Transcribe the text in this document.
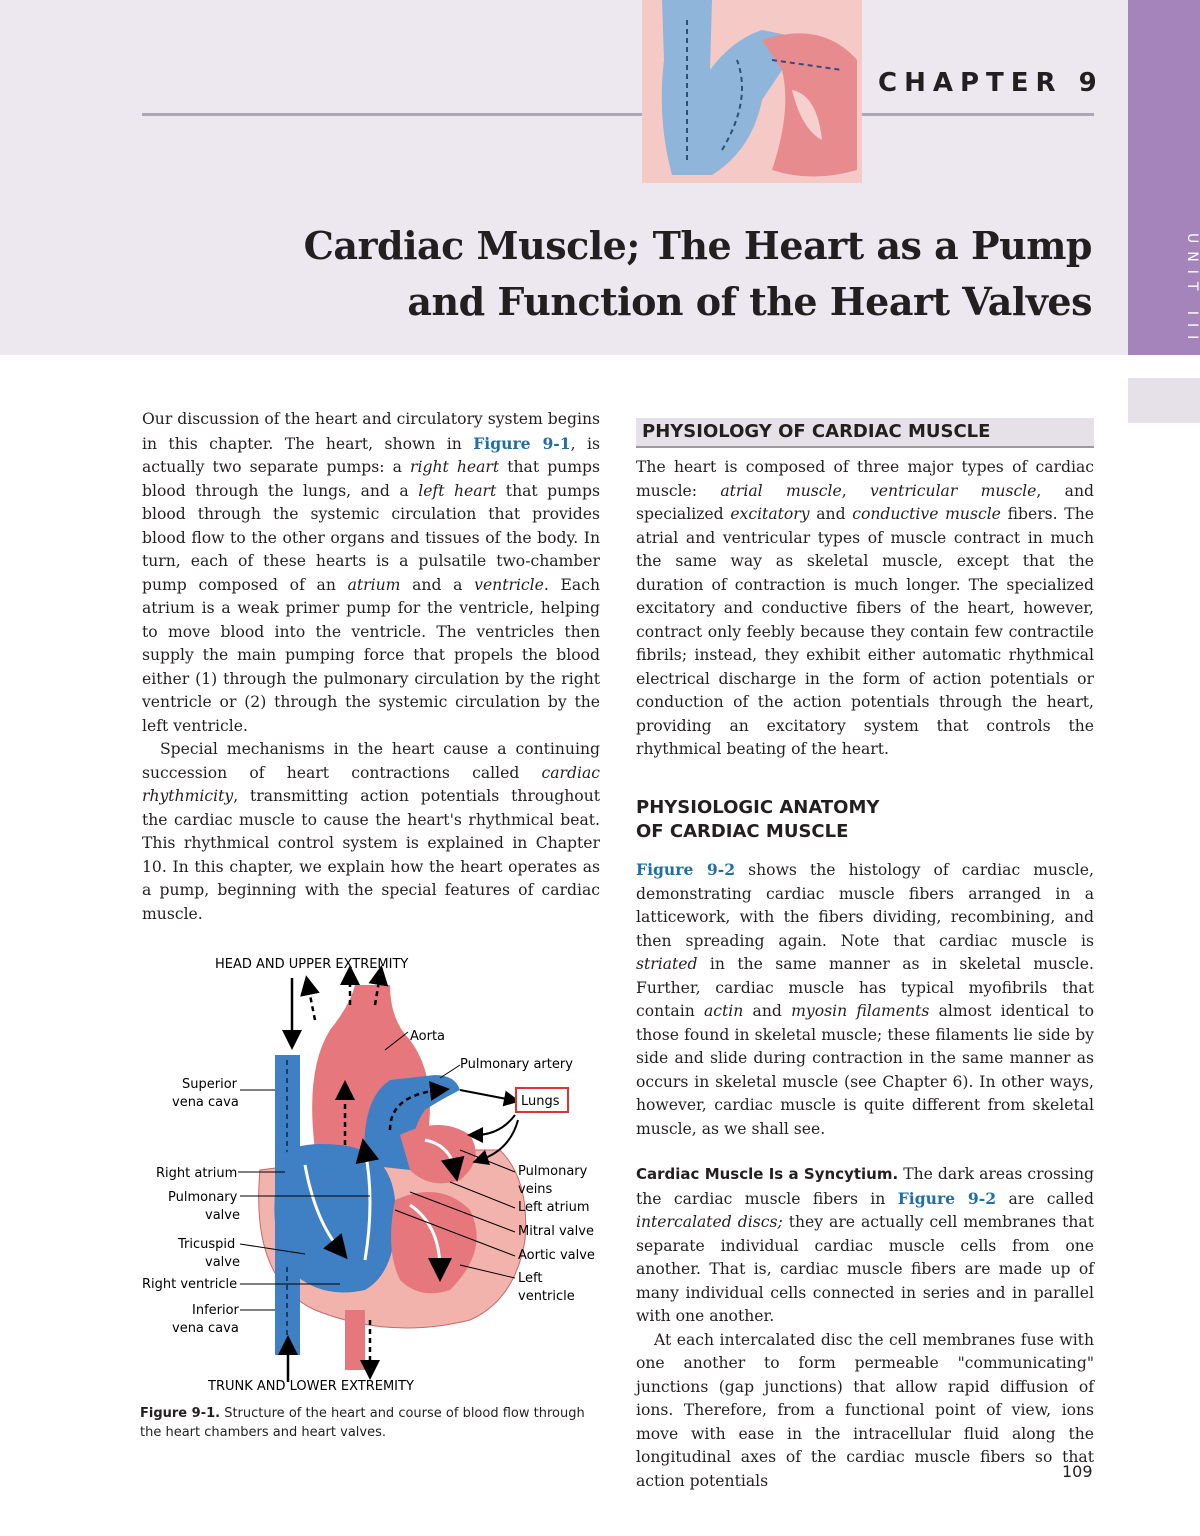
UNIT III
CHAPTER 9
Cardiac Muscle; The Heart as a Pump
and Function of the Heart Valves

Our discussion of the heart and circulatory system begins in this chapter. The heart, shown in Figure 9-1, is actually two separate pumps: a right heart that pumps blood through the lungs, and a left heart that pumps blood through the systemic circulation that provides blood flow to the other organs and tissues of the body. In turn, each of these hearts is a pulsatile two-chamber pump composed of an atrium and a ventricle. Each atrium is a weak primer pump for the ventricle, helping to move blood into the ventricle. The ventricles then supply the main pumping force that propels the blood either (1) through the pulmonary circulation by the right ventricle or (2) through the systemic circulation by the left ventricle.

Special mechanisms in the heart cause a continuing succession of heart contractions called cardiac rhythmicity, transmitting action potentials throughout the cardiac muscle to cause the heart's rhythmical beat. This rhythmical control system is explained in Chapter 10. In this chapter, we explain how the heart operates as a pump, beginning with the special features of cardiac muscle.

HEAD AND UPPER EXTREMITY
TRUNK AND LOWER EXTREMITY
Lungs
Superior
vena cava
Right atrium
Pulmonary
valve
Tricuspid
valve
Right ventricle
Inferior
vena cava
Aorta
Pulmonary artery
Pulmonary
veins
Left atrium
Mitral valve
Aortic valve
Left
ventricle
Figure 9-1. Structure of the heart and course of blood flow through the heart chambers and heart valves.
PHYSIOLOGY OF CARDIAC MUSCLE

The heart is composed of three major types of cardiac muscle: atrial muscle, ventricular muscle, and specialized excitatory and conductive muscle fibers. The atrial and ventricular types of muscle contract in much the same way as skeletal muscle, except that the duration of contraction is much longer. The specialized excitatory and conductive fibers of the heart, however, contract only feebly because they contain few contractile fibrils; instead, they exhibit either automatic rhythmical electrical discharge in the form of action potentials or conduction of the action potentials through the heart, providing an excitatory system that controls the rhythmical beating of the heart.

PHYSIOLOGIC ANATOMY
OF CARDIAC MUSCLE

Figure 9-2 shows the histology of cardiac muscle, demonstrating cardiac muscle fibers arranged in a latticework, with the fibers dividing, recombining, and then spreading again. Note that cardiac muscle is striated in the same manner as in skeletal muscle. Further, cardiac muscle has typical myofibrils that contain actin and myosin filaments almost identical to those found in skeletal muscle; these filaments lie side by side and slide during contraction in the same manner as occurs in skeletal muscle (see Chapter 6). In other ways, however, cardiac muscle is quite different from skeletal muscle, as we shall see.

Cardiac Muscle Is a Syncytium. The dark areas crossing the cardiac muscle fibers in Figure 9-2 are called intercalated discs; they are actually cell membranes that separate individual cardiac muscle cells from one another. That is, cardiac muscle fibers are made up of many individual cells connected in series and in parallel with one another.

At each intercalated disc the cell membranes fuse with one another to form permeable "communicating" junctions (gap junctions) that allow rapid diffusion of ions. Therefore, from a functional point of view, ions move with ease in the intracellular fluid along the longitudinal axes of the cardiac muscle fibers so that action potentials	109
